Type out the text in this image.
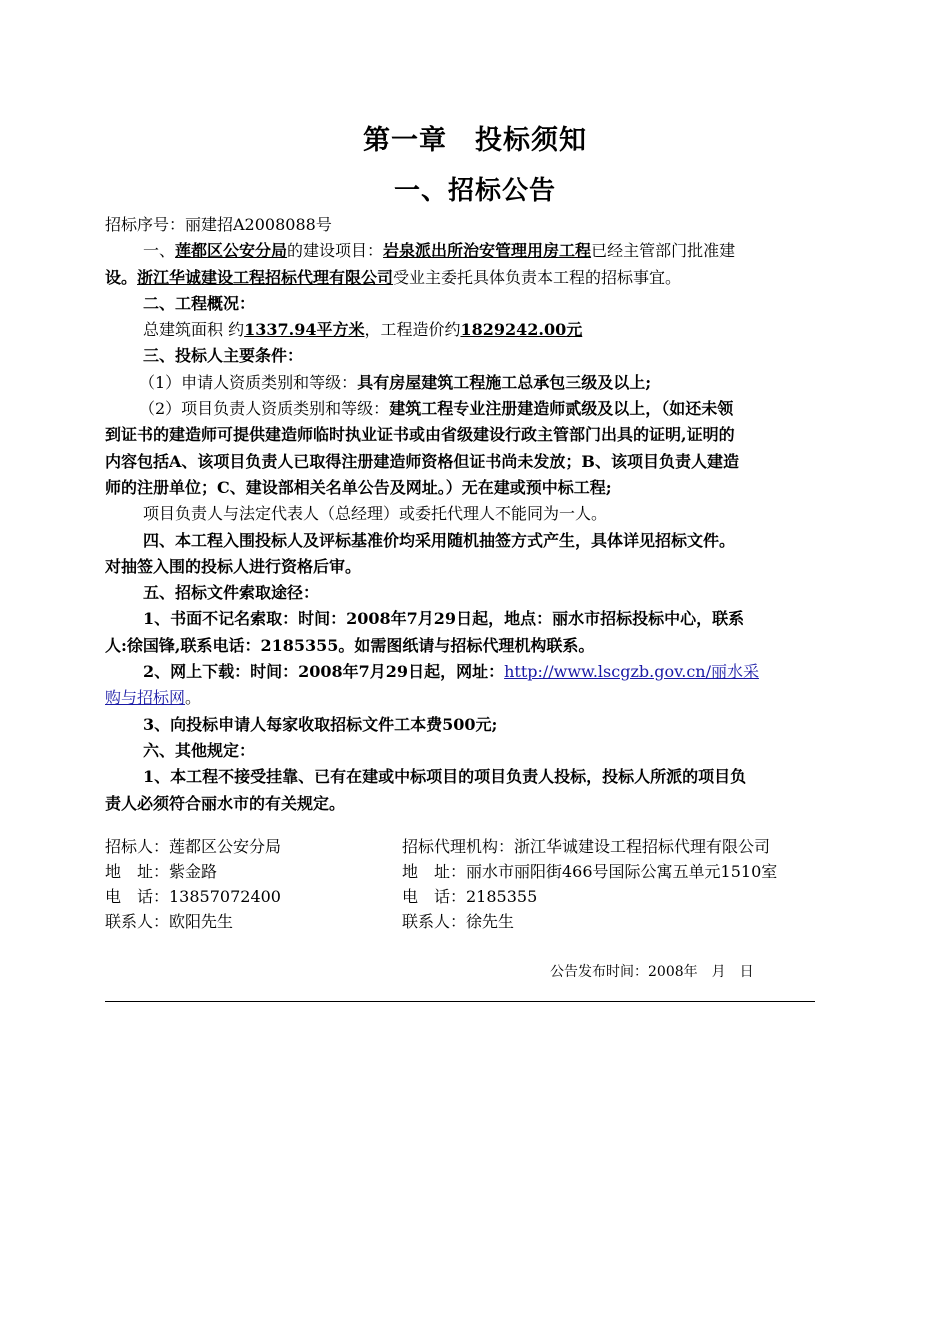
第一章　投标须知
一、招标公告
招标序号：丽建招A2008088号
一、莲都区公安分局的建设项目：岩泉派出所治安管理用房工程已经主管部门批准建
设。浙江华诚建设工程招标代理有限公司受业主委托具体负责本工程的招标事宜。
二、工程概况：
总建筑面积 约1337.94平方米，工程造价约1829242.00元
三、投标人主要条件：
（1）申请人资质类别和等级：具有房屋建筑工程施工总承包三级及以上;
（2）项目负责人资质类别和等级：建筑工程专业注册建造师贰级及以上，（如还未领
到证书的建造师可提供建造师临时执业证书或由省级建设行政主管部门出具的证明,证明的
内容包括A、该项目负责人已取得注册建造师资格但证书尚未发放；B、该项目负责人建造
师的注册单位；C、建设部相关名单公告及网址。）无在建或预中标工程;
项目负责人与法定代表人（总经理）或委托代理人不能同为一人。
四、本工程入围投标人及评标基准价均采用随机抽签方式产生，具体详见招标文件。
对抽签入围的投标人进行资格后审。
五、招标文件索取途径：
1、书面不记名索取：时间：2008年7月29日起，地点：丽水市招标投标中心，联系
人:徐国锋,联系电话：2185355。如需图纸请与招标代理机构联系。
2、网上下载：时间：2008年7月29日起，网址：http://www.lscgzb.gov.cn/丽水采
购与招标网。
3、向投标申请人每家收取招标文件工本费500元;
六、其他规定：
1、本工程不接受挂靠、已有在建或中标项目的项目负责人投标，投标人所派的项目负
责人必须符合丽水市的有关规定。
招标人：莲都区公安分局	招标代理机构：浙江华诚建设工程招标代理有限公司
地　址：紫金路	地　址：丽水市丽阳街466号国际公寓五单元1510室
电　话：13857072400	电　话：2185355
联系人：欧阳先生	联系人：徐先生
公告发布时间：2008年　月　日
